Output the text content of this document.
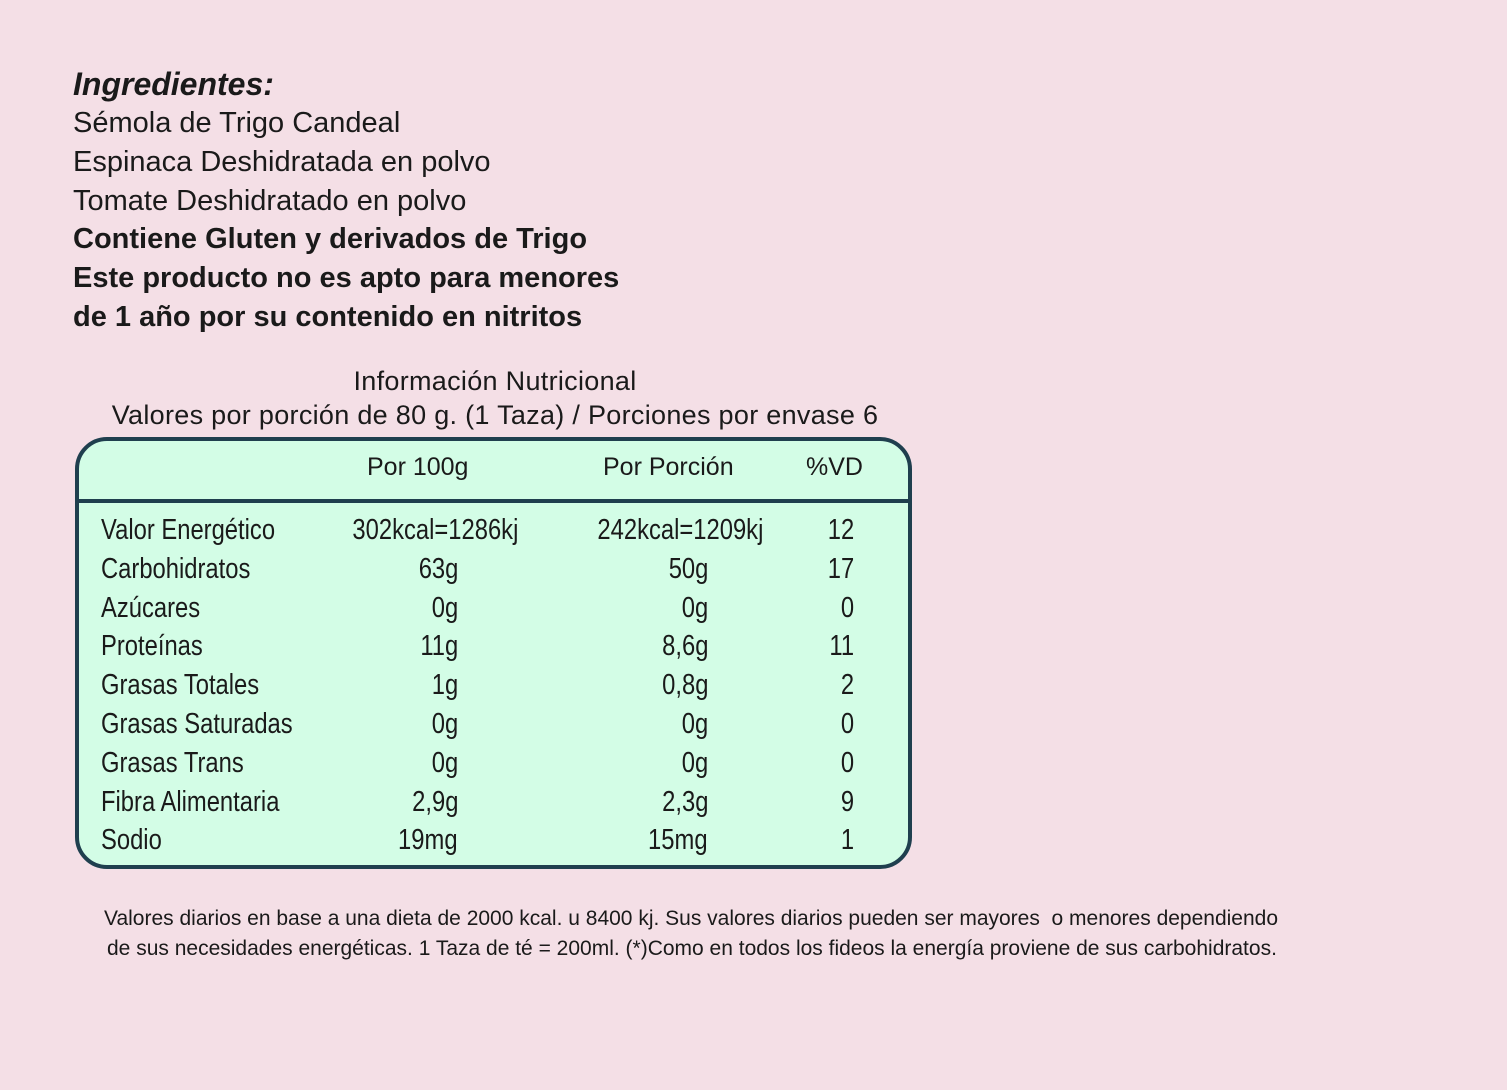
Ingredientes:
Sémola de Trigo Candeal
Espinaca Deshidratada en polvo
Tomate Deshidratado en polvo
Contiene Gluten y derivados de Trigo
Este producto no es apto para menores
de 1 año por su contenido en nitritos
Información Nutricional
Valores por porción de 80 g. (1 Taza) / Porciones por envase 6
Por 100g	Por Porción	%VD
Valor Energético	302kcal=1286kj	242kcal=1209kj 12
Carbohidratos	63g	50g	17
Azúcares	0g	0g	0
Proteínas	11g	8,6g	11
Grasas Totales	1g	0,8g	2
Grasas Saturadas	0g	0g	0
Grasas Trans	0g	0g	0
Fibra Alimentaria	2,9g	2,3g	9
Sodio	19mg	15mg	1
Valores diarios en base a una dieta de 2000 kcal. u 8400 kj. Sus valores diarios pueden ser mayores  o menores dependiendo
de sus necesidades energéticas. 1 Taza de té = 200ml. (*)Como en todos los fideos la energía proviene de sus carbohidratos.
